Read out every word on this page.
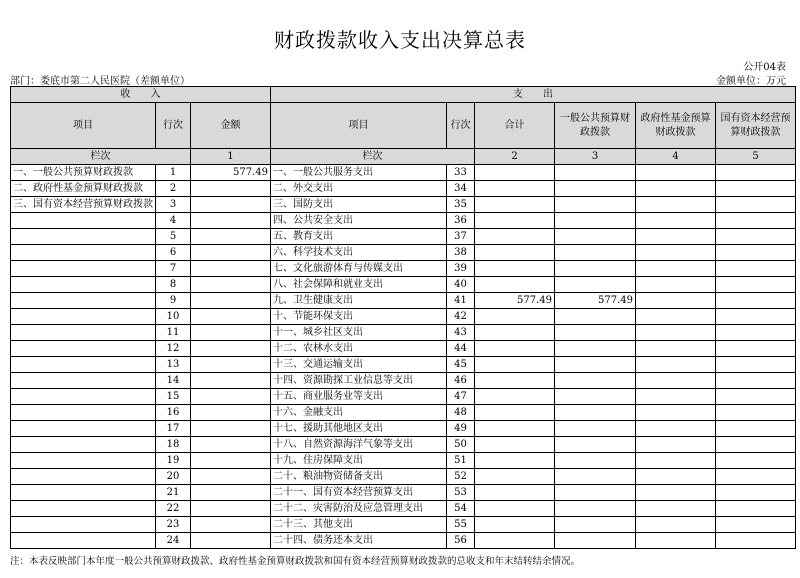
财政拨款收入支出决算总表
公开04表
部门：娄底市第二人民医院（差额单位）	金额单位：万元
收　　入			支　　出					
项目	行次	金额	项目	行次	合计	一般公共预算财政拨款	政府性基金预算财政拨款	国有资本经营预算财政拨款
栏次		1	栏次		2	3	4	5
一、一般公共预算财政拨款	1	577.49	一、一般公共服务支出	33				
二、政府性基金预算财政拨款	2		二、外交支出	34				
三、国有资本经营预算财政拨款	3		三、国防支出	35				
	4		四、公共安全支出	36				
	5		五、教育支出	37				
	6		六、科学技术支出	38				
	7		七、文化旅游体育与传媒支出	39				
	8		八、社会保障和就业支出	40				
	9		九、卫生健康支出	41	577.49	577.49		
	10		十、节能环保支出	42				
	11		十一、城乡社区支出	43				
	12		十二、农林水支出	44				
	13		十三、交通运输支出	45				
	14		十四、资源勘探工业信息等支出	46				
	15		十五、商业服务业等支出	47				
	16		十六、金融支出	48				
	17		十七、援助其他地区支出	49				
	18		十八、自然资源海洋气象等支出	50				
	19		十九、住房保障支出	51				
	20		二十、粮油物资储备支出	52				
	21		二十一、国有资本经营预算支出	53				
	22		二十二、灾害防治及应急管理支出	54				
	23		二十三、其他支出	55				
	24		二十四、债务还本支出	56				
注：本表反映部门本年度一般公共预算财政拨款、政府性基金预算财政拨款和国有资本经营预算财政拨款的总收支和年末结转结余情况。
